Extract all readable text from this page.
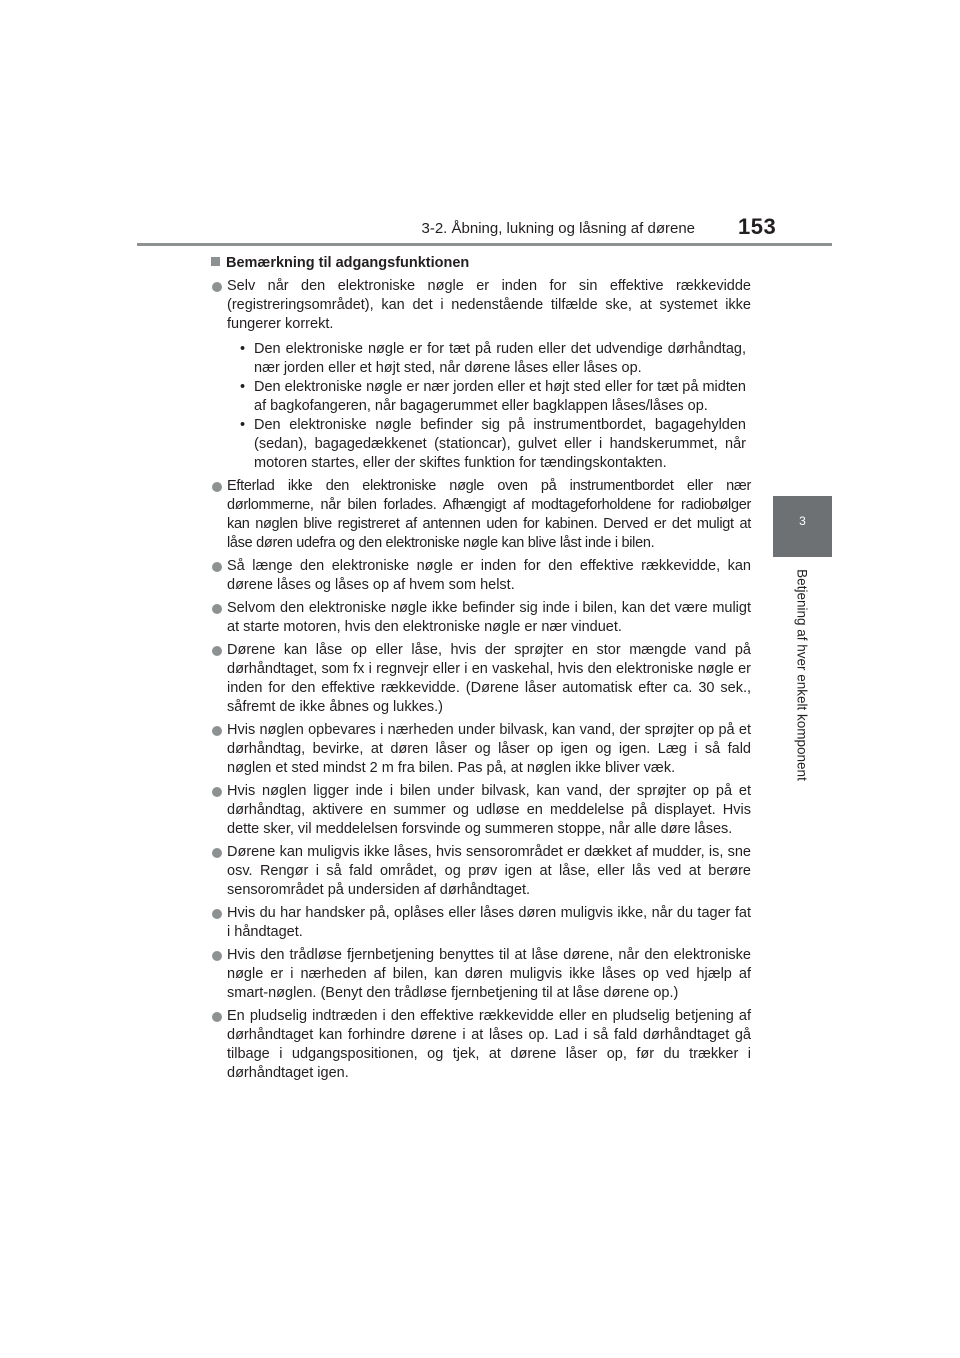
3-2. Åbning, lukning og låsning af dørene 153
3
Betjening af hver enkelt komponent
Bemærkning til adgangsfunktionen
Selv når den elektroniske nøgle er inden for sin effektive rækkevidde (registreringsområdet), kan det i nedenstående tilfælde ske, at systemet ikke fungerer korrekt.
• Den elektroniske nøgle er for tæt på ruden eller det udvendige dørhåndtag, nær jorden eller et højt sted, når dørene låses eller låses op.
• Den elektroniske nøgle er nær jorden eller et højt sted eller for tæt på midten af bagkofangeren, når bagagerummet eller bagklappen låses/låses op.
• Den elektroniske nøgle befinder sig på instrumentbordet, bagagehylden (sedan), bagagedækkenet (stationcar), gulvet eller i handskerummet, når motoren startes, eller der skiftes funktion for tændingskontakten.
Efterlad ikke den elektroniske nøgle oven på instrumentbordet eller nær dørlommerne, når bilen forlades. Afhængigt af modtageforholdene for radiobølger kan nøglen blive registreret af antennen uden for kabinen. Derved er det muligt at låse døren udefra og den elektroniske nøgle kan blive låst inde i bilen.
Så længe den elektroniske nøgle er inden for den effektive rækkevidde, kan dørene låses og låses op af hvem som helst.
Selvom den elektroniske nøgle ikke befinder sig inde i bilen, kan det være muligt at starte motoren, hvis den elektroniske nøgle er nær vinduet.
Dørene kan låse op eller låse, hvis der sprøjter en stor mængde vand på dørhåndtaget, som fx i regnvejr eller i en vaskehal, hvis den elektroniske nøgle er inden for den effektive rækkevidde. (Dørene låser automatisk efter ca. 30 sek., såfremt de ikke åbnes og lukkes.)
Hvis nøglen opbevares i nærheden under bilvask, kan vand, der sprøjter op på et dørhåndtag, bevirke, at døren låser og låser op igen og igen. Læg i så fald nøglen et sted mindst 2 m fra bilen. Pas på, at nøglen ikke bliver væk.
Hvis nøglen ligger inde i bilen under bilvask, kan vand, der sprøjter op på et dørhåndtag, aktivere en summer og udløse en meddelelse på displayet. Hvis dette sker, vil meddelelsen forsvinde og summeren stoppe, når alle døre låses.
Dørene kan muligvis ikke låses, hvis sensorområdet er dækket af mudder, is, sne osv. Rengør i så fald området, og prøv igen at låse, eller lås ved at berøre sensorområdet på undersiden af dørhåndtaget.
Hvis du har handsker på, oplåses eller låses døren muligvis ikke, når du tager fat i håndtaget.
Hvis den trådløse fjernbetjening benyttes til at låse dørene, når den elektroniske nøgle er i nærheden af bilen, kan døren muligvis ikke låses op ved hjælp af smart-nøglen. (Benyt den trådløse fjernbetjening til at låse dørene op.)
En pludselig indtræden i den effektive rækkevidde eller en pludselig betjening af dørhåndtaget kan forhindre dørene i at låses op. Lad i så fald dørhåndtaget gå tilbage i udgangspositionen, og tjek, at dørene låser op, før du trækker i dørhåndtaget igen.
